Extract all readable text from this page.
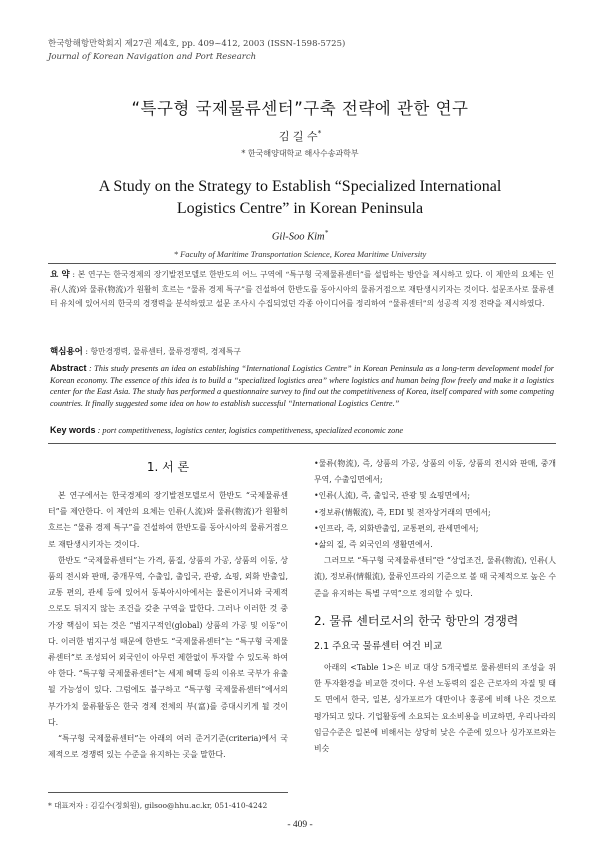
한국항해항만학회지 제27권 제4호, pp. 409~412, 2003 (ISSN-1598-5725)
Journal of Korean Navigation and Port Research
“특구형 국제물류센터”구축 전략에 관한 연구
김 길 수*
* 한국해양대학교 해사수송과학부
A Study on the Strategy to Establish “Specialized International
Logistics Centre” in Korean Peninsula
Gil-Soo Kim*
* Faculty of Maritime Transportation Science, Korea Maritime University
요 약 : 본 연구는 한국경제의 장기발전모델로 한반도의 어느 구역에 “특구형 국제물류센터”를 설립하는 방안을 제시하고 있다. 이 제안의 요체는 인류(人流)와 물류(物流)가 원활히 흐르는 “물류 경제 특구”를 건설하여 한반도를 동아시아의 물류거점으로 재탄생시키자는 것이다. 설문조사로 물류센터 유치에 있어서의 한국의 경쟁력을 분석하였고 설문 조사시 수집되었던 각종 아이디어를 정리하여 “물류센터”의 성공적 지정 전략을 제시하였다.
핵심용어 : 항만경쟁력, 물류센터, 물류경쟁력, 경제특구
Abstract : This study presents an idea on establishing “International Logistics Centre” in Korean Peninsula as a long-term development model for Korean economy. The essence of this idea is to build a “specialized logistics area” where logistics and human being flow freely and make it a logistics center for the East Asia. The study has performed a questionnaire survey to find out the competitiveness of Korea, itself compared with some competing countries. It finally suggested some idea on how to establish successful “International Logistics Centre.”
Key words : port competitiveness, logistics center, logistics competitiveness, specialized economic zone
1. 서 론

본 연구에서는 한국경제의 장기발전모델로서 한반도 “국제물류센터”를 제안한다. 이 제안의 요체는 인류(人流)와 물류(物流)가 원활히 흐르는 “물류 경제 특구”를 건설하여 한반도를 동아시아의 물류거점으로 재탄생시키자는 것이다.

한반도 “국제물류센터”는 가격, 품질, 상품의 가공, 상품의 이동, 상품의 전시와 판매, 중개무역, 수출입, 출입국, 관광, 쇼핑, 외화 반출입, 교통 편의, 관세 등에 있어서 동북아시아에서는 물론이거니와 국제적으로도 뒤지지 않는 조건을 갖춘 구역을 말한다. 그러나 이러한 것 중 가장 핵심이 되는 것은 “범지구적인(global) 상품의 가공 및 이동”이다. 이러한 범지구성 때문에 한반도 “국제물류센터”는 “특구형 국제물류센터”로 조성되어 외국인이 아무런 제한없이 투자할 수 있도록 하여야 한다. “특구형 국제물류센터”는 세제 혜택 등의 이유로 국부가 유출될 가능성이 있다. 그럼에도 불구하고 “특구형 국제물류센터”에서의 부가가치 물류활동은 한국 경제 전체의 부(富)를 증대시키게 될 것이다.

“특구형 국제물류센터”는 아래의 여러 준거기준(criteria)에서 국제적으로 경쟁력 있는 수준을 유지하는 곳을 말한다.

•물류(物流), 즉, 상품의 가공, 상품의 이동, 상품의 전시와 판매, 중개 무역, 수출입면에서;

•인류(人流), 즉, 출입국, 관광 및 쇼핑면에서;

•정보류(情報流), 즉, EDI 및 전자상거래의 면에서;

•인프라, 즉, 외화반출입, 교통편의, 관세면에서;

•삶의 질, 즉 외국인의 생활면에서.

그러므로 “특구형 국제물류센터”란 “상업조건, 물류(物流), 인류(人流), 정보류(情報流), 물류인프라의 기준으로 볼 때 국제적으로 높은 수준을 유지하는 특별 구역”으로 정의할 수 있다.

2. 물류 센터로서의 한국 항만의 경쟁력
2.1 주요국 물류센터 여건 비교

아래의 <Table 1>은 비교 대상 5개국별로 물류센터의 조성을 위한 투자환경을 비교한 것이다. 우선 노동력의 질은 근로자의 자질 및 태도 면에서 한국, 일본, 싱가포르가 대만이나 홍콩에 비해 나은 것으로 평가되고 있다. 기업활동에 소요되는 요소비용을 비교하면, 우리나라의 임금수준은 일본에 비해서는 상당히 낮은 수준에 있으나 싱가포르와는 비슷

* 대표저자 : 김길수(정회원), gilsoo@hhu.ac.kr, 051-410-4242
- 409 -
